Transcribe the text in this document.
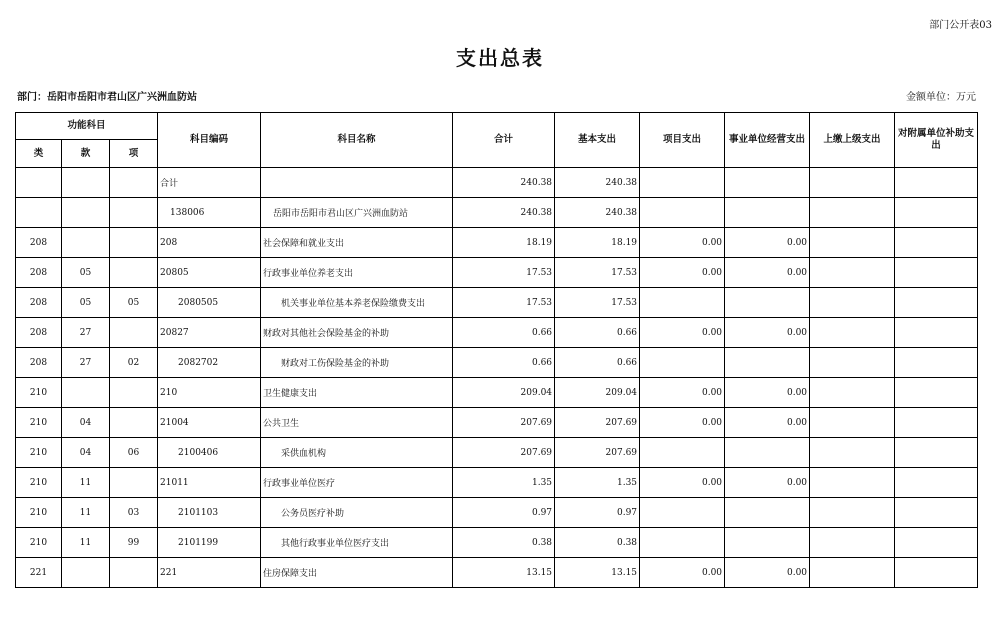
部门公开表03
支出总表
部门：岳阳市岳阳市君山区广兴洲血防站	金额单位：万元
功能科目			科目编码	科目名称	合计	基本支出	项目支出	事业单位经营支出	上缴上级支出	对附属单位补助支出
类	款	项								
			合计		240.38	240.38				
			138006	岳阳市岳阳市君山区广兴洲血防站	240.38	240.38				
208			208	社会保障和就业支出	18.19	18.19	0.00	0.00		
208	05		20805	行政事业单位养老支出	17.53	17.53	0.00	0.00		
208	05	05	2080505	机关事业单位基本养老保险缴费支出	17.53	17.53				
208	27		20827	财政对其他社会保险基金的补助	0.66	0.66	0.00	0.00		
208	27	02	2082702	财政对工伤保险基金的补助	0.66	0.66				
210			210	卫生健康支出	209.04	209.04	0.00	0.00		
210	04		21004	公共卫生	207.69	207.69	0.00	0.00		
210	04	06	2100406	采供血机构	207.69	207.69				
210	11		21011	行政事业单位医疗	1.35	1.35	0.00	0.00		
210	11	03	2101103	公务员医疗补助	0.97	0.97				
210	11	99	2101199	其他行政事业单位医疗支出	0.38	0.38				
221			221	住房保障支出	13.15	13.15	0.00	0.00		
